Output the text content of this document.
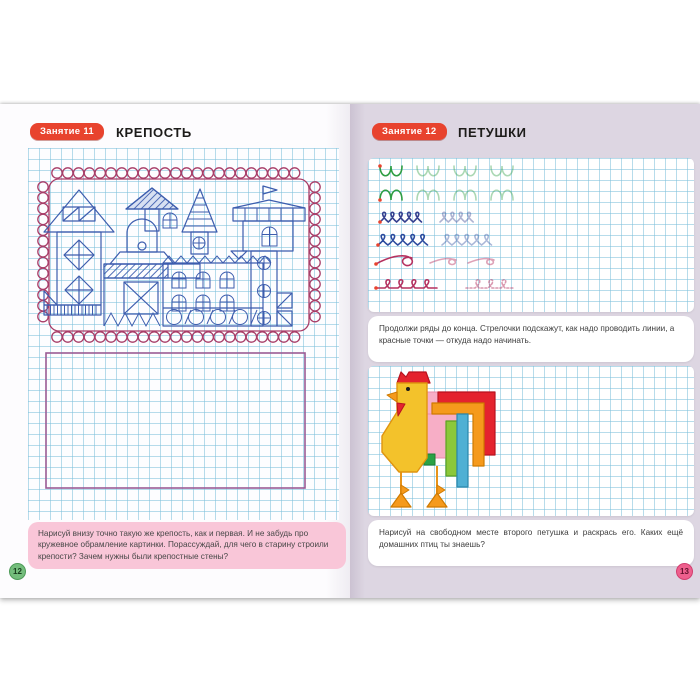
Занятие 11	КРЕПОСТЬ

Нарисуй внизу точно такую же крепость, как и первая. И не забудь про кружевное обрамление картинки. Порассуждай, для чего в старину строили крепости? Зачем нужны были крепостные стены?

12
Занятие 12	ПЕТУШКИ

Продолжи ряды до конца. Стрелочки подскажут, как надо проводить линии, а красные точки — откуда надо начинать.

Нарисуй на свободном месте второго петушка и раскрась его. Каких ещё домашних птиц ты знаешь?

13
